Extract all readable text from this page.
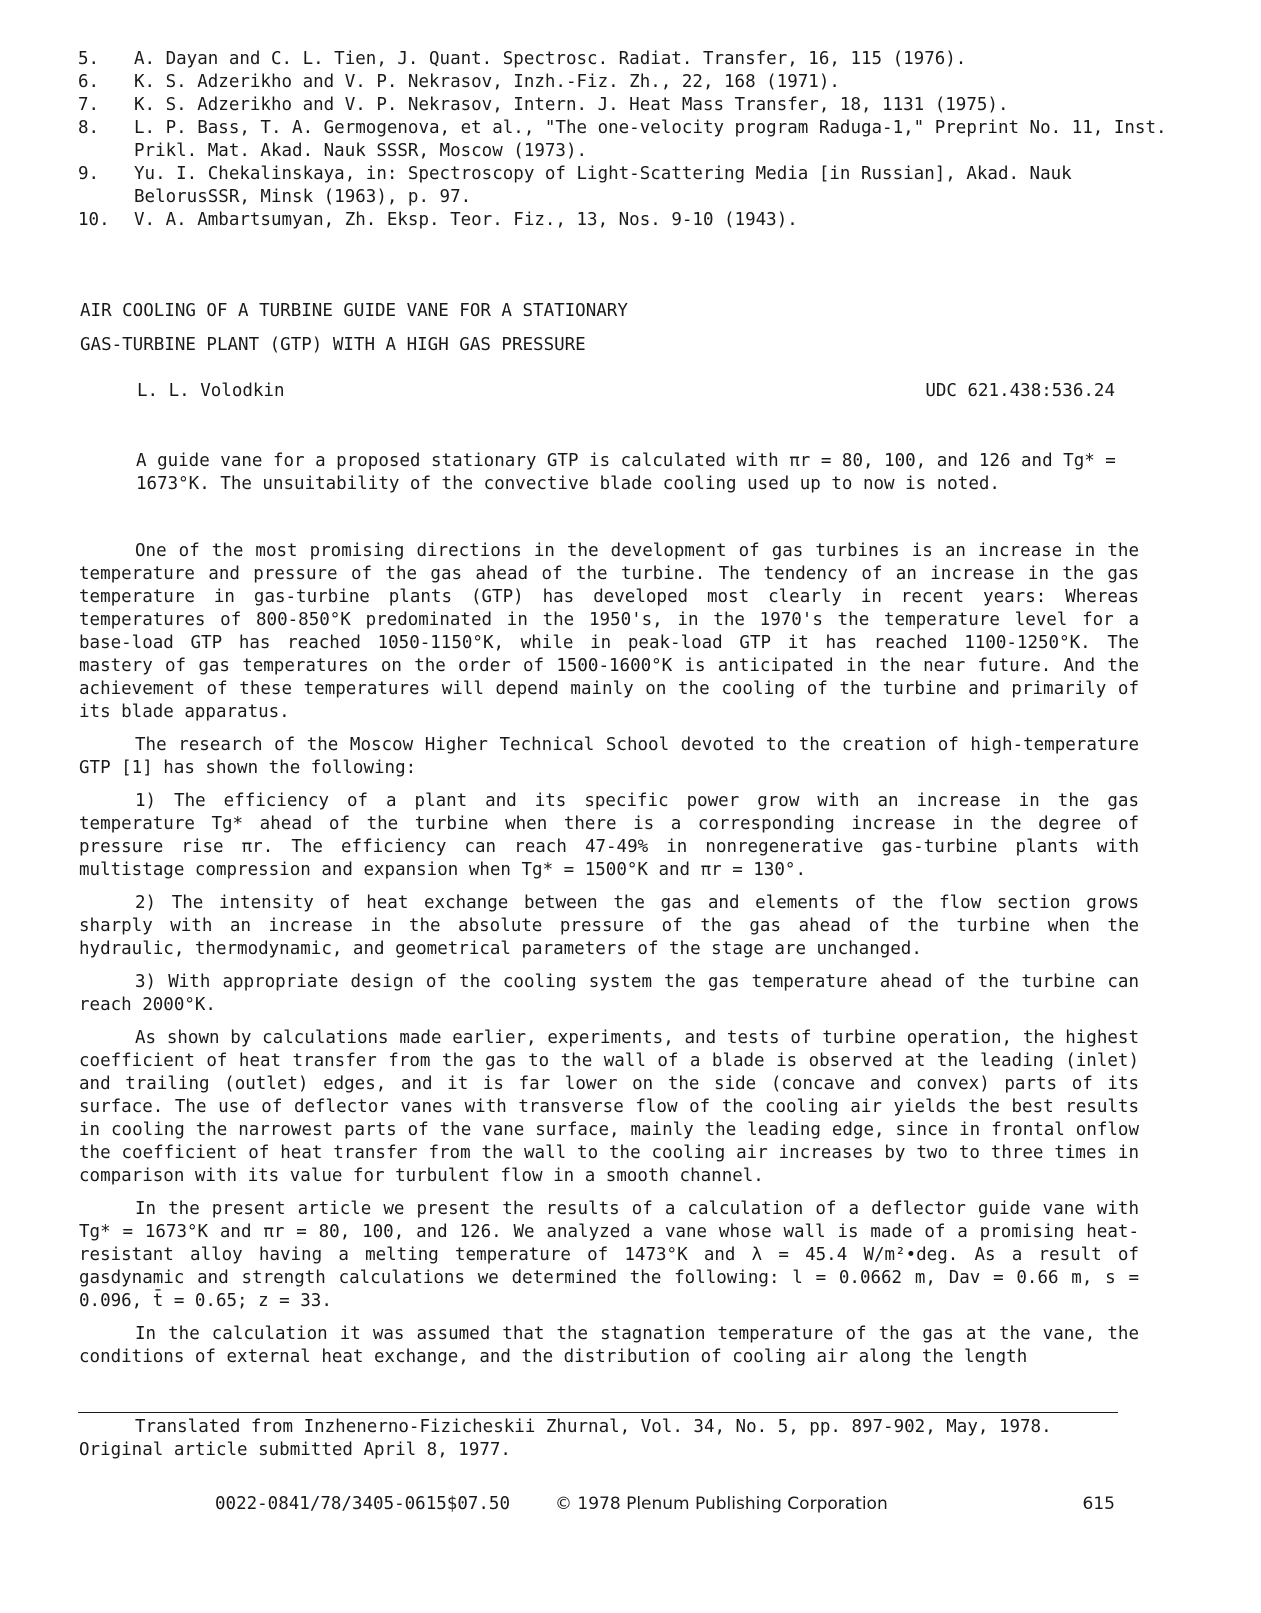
5.	A. Dayan and C. L. Tien, J. Quant. Spectrosc. Radiat. Transfer, 16, 115 (1976).
6.	K. S. Adzerikho and V. P. Nekrasov, Inzh.-Fiz. Zh., 22, 168 (1971).
7.	K. S. Adzerikho and V. P. Nekrasov, Intern. J. Heat Mass Transfer, 18, 1131 (1975).
8.	L. P. Bass, T. A. Germogenova, et al., "The one-velocity program Raduga-1," Preprint No. 11, Inst. Prikl. Mat. Akad. Nauk SSSR, Moscow (1973).
9.	Yu. I. Chekalinskaya, in: Spectroscopy of Light-Scattering Media [in Russian], Akad. Nauk BelorusSSR, Minsk (1963), p. 97.
10.	V. A. Ambartsumyan, Zh. Eksp. Teor. Fiz., 13, Nos. 9-10 (1943).
AIR COOLING OF A TURBINE GUIDE VANE FOR A STATIONARY
GAS-TURBINE PLANT (GTP) WITH A HIGH GAS PRESSURE
L. L. Volodkin	UDC 621.438:536.24
A guide vane for a proposed stationary GTP is calculated with πr = 80, 100, and 126 and Tg* = 1673°K. The unsuitability of the convective blade cooling used up to now is noted.

One of the most promising directions in the development of gas turbines is an increase in the temperature and pressure of the gas ahead of the turbine. The tendency of an increase in the gas temperature in gas-turbine plants (GTP) has developed most clearly in recent years: Whereas temperatures of 800-850°K predominated in the 1950's, in the 1970's the temperature level for a base-load GTP has reached 1050-1150°K, while in peak-load GTP it has reached 1100-1250°K. The mastery of gas temperatures on the order of 1500-1600°K is anticipated in the near future. And the achievement of these temperatures will depend mainly on the cooling of the turbine and primarily of its blade apparatus.

The research of the Moscow Higher Technical School devoted to the creation of high-temperature GTP [1] has shown the following:

1) The efficiency of a plant and its specific power grow with an increase in the gas temperature Tg* ahead of the turbine when there is a corresponding increase in the degree of pressure rise πr. The efficiency can reach 47-49% in nonregenerative gas-turbine plants with multistage compression and expansion when Tg* = 1500°K and πr = 130°.

2) The intensity of heat exchange between the gas and elements of the flow section grows sharply with an increase in the absolute pressure of the gas ahead of the turbine when the hydraulic, thermodynamic, and geometrical parameters of the stage are unchanged.

3) With appropriate design of the cooling system the gas temperature ahead of the turbine can reach 2000°K.

As shown by calculations made earlier, experiments, and tests of turbine operation, the highest coefficient of heat transfer from the gas to the wall of a blade is observed at the leading (inlet) and trailing (outlet) edges, and it is far lower on the side (concave and convex) parts of its surface. The use of deflector vanes with transverse flow of the cooling air yields the best results in cooling the narrowest parts of the vane surface, mainly the leading edge, since in frontal onflow the coefficient of heat transfer from the wall to the cooling air increases by two to three times in comparison with its value for turbulent flow in a smooth channel.

In the present article we present the results of a calculation of a deflector guide vane with Tg* = 1673°K and πr = 80, 100, and 126. We analyzed a vane whose wall is made of a promising heat-resistant alloy having a melting temperature of 1473°K and λ = 45.4 W/m²•deg. As a result of gasdynamic and strength calculations we determined the following: l = 0.0662 m, Dav = 0.66 m, s = 0.096, t̄ = 0.65; z = 33.

In the calculation it was assumed that the stagnation temperature of the gas at the vane, the conditions of external heat exchange, and the distribution of cooling air along the length

Translated from Inzhenerno-Fizicheskii Zhurnal, Vol. 34, No. 5, pp. 897-902, May, 1978.
Original article submitted April 8, 1977.
0022-0841/78/3405-0615$07.50	© 1978 Plenum Publishing Corporation	615
